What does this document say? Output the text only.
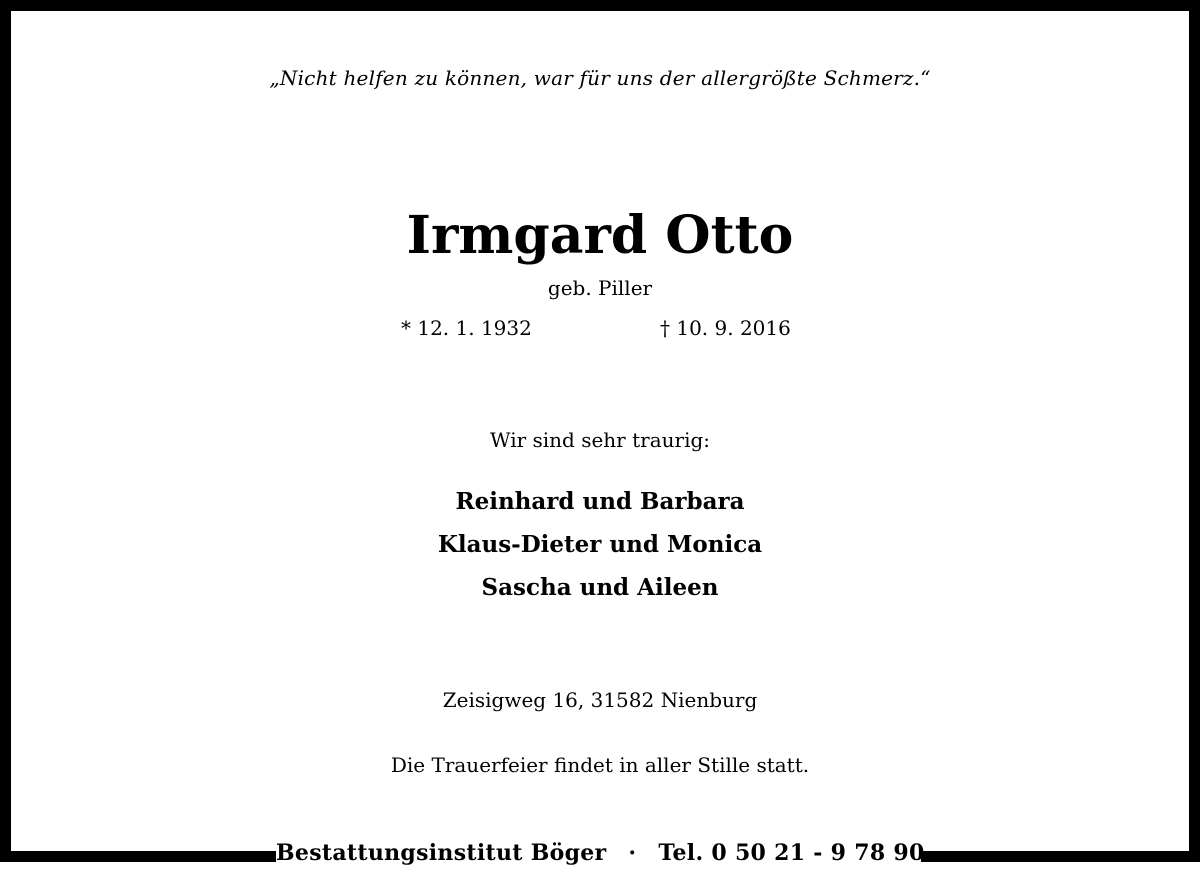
„Nicht helfen zu können, war für uns der allergrößte Schmerz.“
Irmgard Otto
geb. Piller
* 12. 1. 1932	† 10. 9. 2016
Wir sind sehr traurig:
Reinhard und Barbara
Klaus-Dieter und Monica
Sascha und Aileen
Zeisigweg 16, 31582 Nienburg
Die Trauerfeier findet in aller Stille statt.
Bestattungsinstitut Böger · Tel. 0 50 21 - 9 78 90
